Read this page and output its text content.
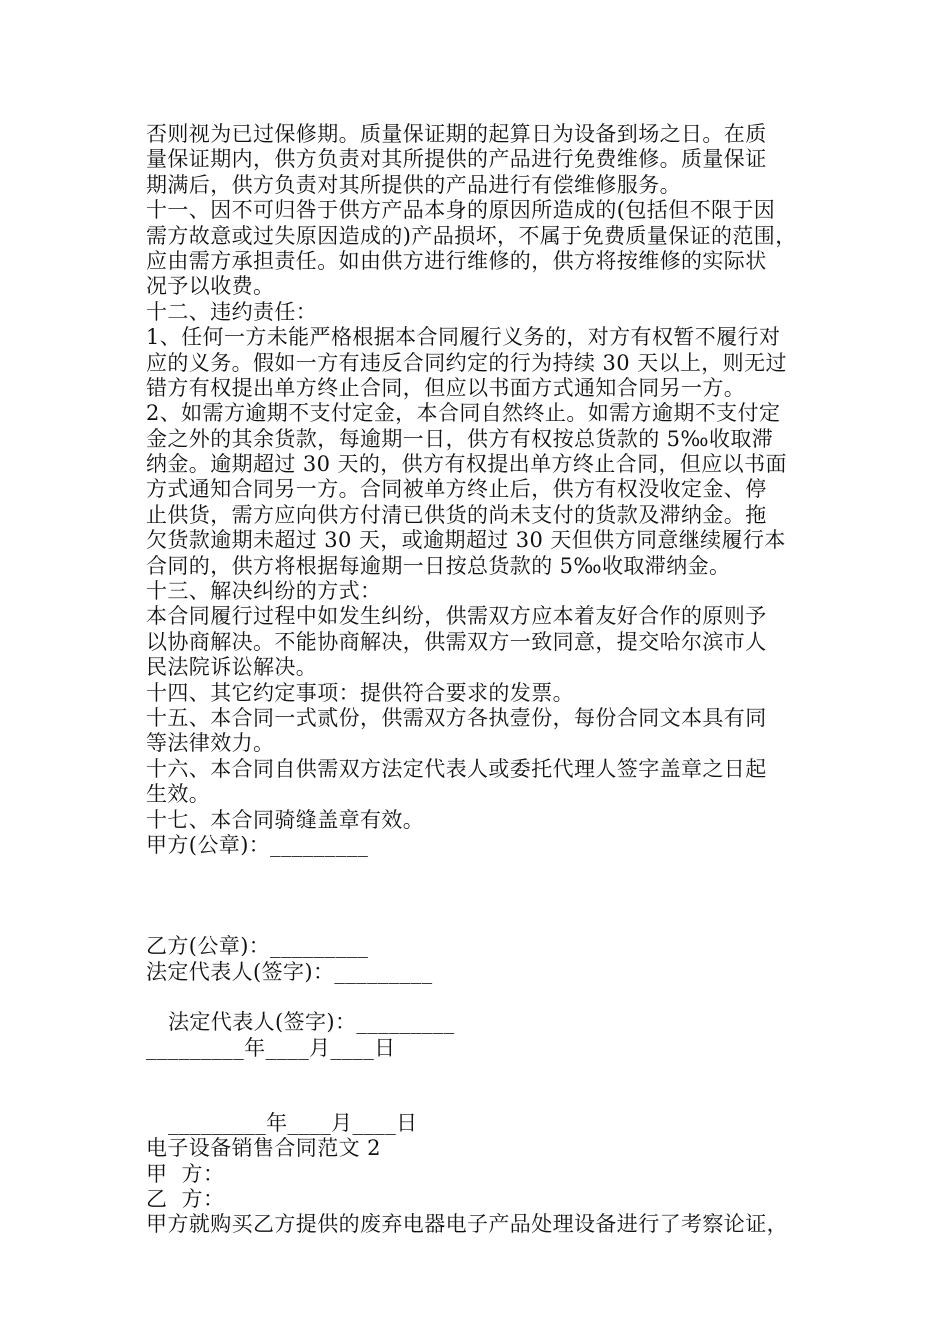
否则视为已过保修期。质量保证期的起算日为设备到场之日。在质
量保证期内，供方负责对其所提供的产品进行免费维修。质量保证
期满后，供方负责对其所提供的产品进行有偿维修服务。
十一、因不可归咎于供方产品本身的原因所造成的(包括但不限于因
需方故意或过失原因造成的)产品损坏，不属于免费质量保证的范围，
应由需方承担责任。如由供方进行维修的，供方将按维修的实际状
况予以收费。
十二、违约责任：
1、任何一方未能严格根据本合同履行义务的，对方有权暂不履行对
应的义务。假如一方有违反合同约定的行为持续 30 天以上，则无过
错方有权提出单方终止合同，但应以书面方式通知合同另一方。
2、如需方逾期不支付定金，本合同自然终止。如需方逾期不支付定
金之外的其余货款，每逾期一日，供方有权按总货款的 5‰收取滞
纳金。逾期超过 30 天的，供方有权提出单方终止合同，但应以书面
方式通知合同另一方。合同被单方终止后，供方有权没收定金、停
止供货，需方应向供方付清已供货的尚未支付的货款及滞纳金。拖
欠货款逾期未超过 30 天，或逾期超过 30 天但供方同意继续履行本
合同的，供方将根据每逾期一日按总货款的 5‰收取滞纳金。
十三、解决纠纷的方式：
本合同履行过程中如发生纠纷，供需双方应本着友好合作的原则予
以协商解决。不能协商解决，供需双方一致同意，提交哈尔滨市人
民法院诉讼解决。
十四、其它约定事项：提供符合要求的发票。
十五、本合同一式贰份，供需双方各执壹份，每份合同文本具有同
等法律效力。
十六、本合同自供需双方法定代表人或委托代理人签字盖章之日起
生效。
十七、本合同骑缝盖章有效。
甲方(公章)：_________
乙方(公章)：_________
法定代表人(签字)：_________
法定代表人(签字)：_________
_________年____月____日
_________年____月____日
电子设备销售合同范文 2
甲  方：
乙  方：
甲方就购买乙方提供的废弃电器电子产品处理设备进行了考察论证，
